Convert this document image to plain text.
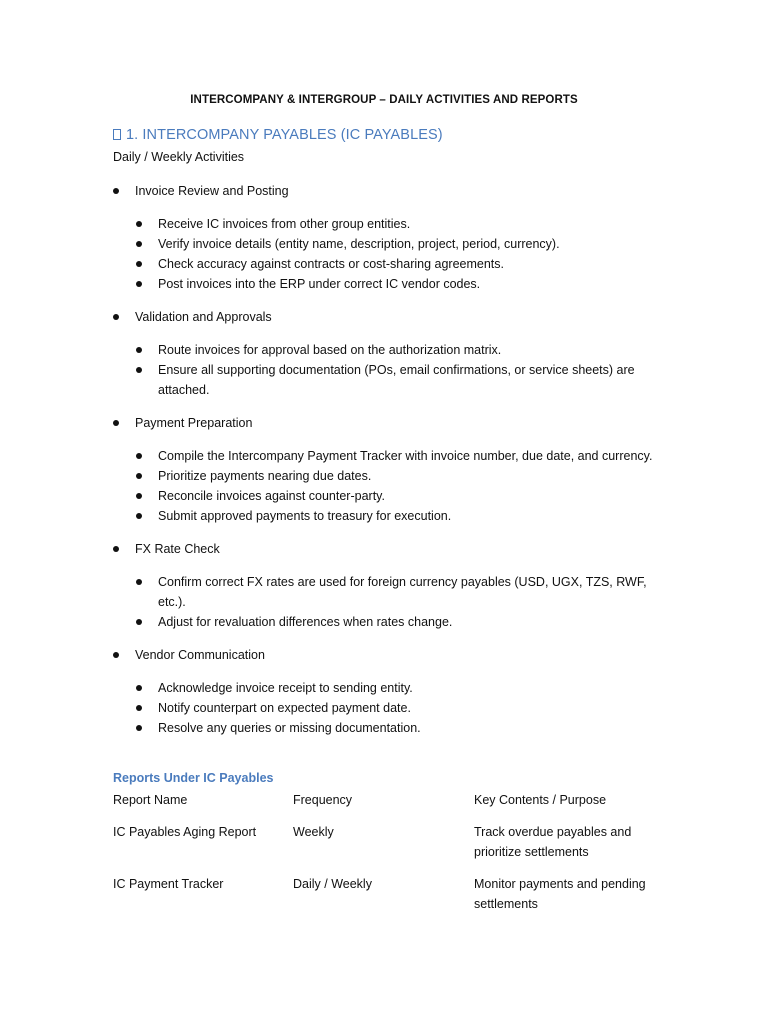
INTERCOMPANY & INTERGROUP – DAILY ACTIVITIES AND REPORTS
1. INTERCOMPANY PAYABLES (IC PAYABLES)
Daily / Weekly Activities
Invoice Review and Posting
Receive IC invoices from other group entities.
Verify invoice details (entity name, description, project, period, currency).
Check accuracy against contracts or cost-sharing agreements.
Post invoices into the ERP under correct IC vendor codes.
Validation and Approvals
Route invoices for approval based on the authorization matrix.
Ensure all supporting documentation (POs, email confirmations, or service sheets) are attached.
Payment Preparation
Compile the Intercompany Payment Tracker with invoice number, due date, and currency.
Prioritize payments nearing due dates.
Reconcile invoices against counter-party.
Submit approved payments to treasury for execution.
FX Rate Check
Confirm correct FX rates are used for foreign currency payables (USD, UGX, TZS, RWF, etc.).
Adjust for revaluation differences when rates change.
Vendor Communication
Acknowledge invoice receipt to sending entity.
Notify counterpart on expected payment date.
Resolve any queries or missing documentation.
Reports Under IC Payables
Report Name	Frequency	Key Contents / Purpose
IC Payables Aging Report	Weekly	Track overdue payables and prioritize settlements
IC Payment Tracker	Daily / Weekly	Monitor payments and pending settlements
